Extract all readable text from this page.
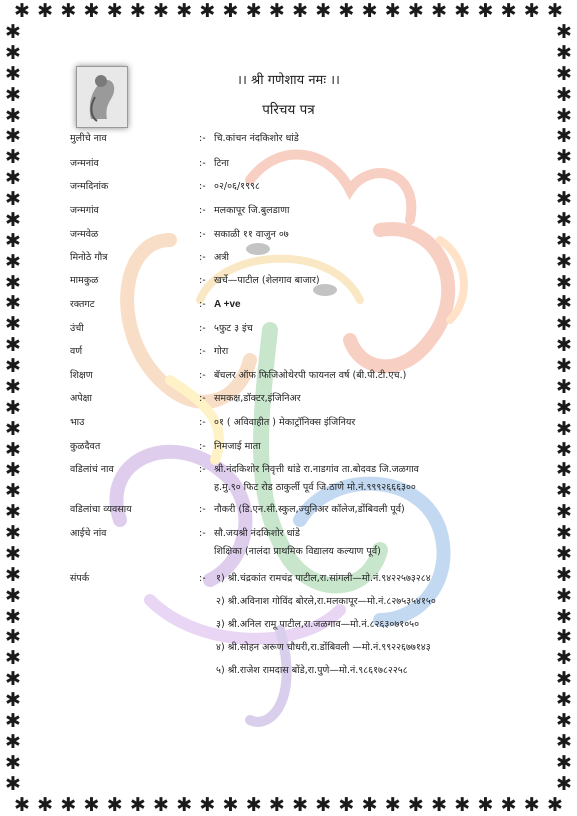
✱ ✱ ✱ ✱ ✱ ✱ ✱ ✱ ✱ ✱ ✱ ✱ ✱ ✱ ✱ ✱ ✱ ✱ ✱ ✱ ✱ ✱ ✱ ✱
✱ ✱ ✱ ✱ ✱ ✱ ✱ ✱ ✱ ✱ ✱ ✱ ✱ ✱ ✱ ✱ ✱ ✱ ✱ ✱ ✱ ✱ ✱ ✱
✱
✱
✱
✱
✱
✱
✱
✱
✱
✱
✱
✱
✱
✱
✱
✱
✱
✱
✱
✱
✱
✱
✱
✱
✱
✱
✱
✱
✱
✱
✱
✱
✱
✱
✱
✱
✱
✱
✱
✱
✱
✱
✱
✱
✱
✱
✱
✱
✱
✱
✱
✱
✱
✱
✱
✱
✱
✱
✱
✱
✱
✱
✱
✱
✱
✱
✱
✱
✱
✱
✱
✱
✱
✱
।। श्री गणेशाय नमः ।।
परिचय पत्र
मुलीचे नाव	:- चि.कांचन नंदकिशोर धांडे
जन्मनांव	:- टिना
जन्मदिनांक	:- ०२/०६/१९९८
जन्मगांव	:- मलकापूर जि.बुलडाणा
जन्मवेळ	:- सकाळी ११ वाजुन ०७
मिनोठे गौत्र	:- अत्री
मामकुळ	:- खर्चे—पाटील (शेलगाव बाजार)
रक्तगट	:- A +ve
उंची	:- ५फुट ३ इंच
वर्ण	:- गोरा
शिक्षण	:- बॅचलर ऑफ फिजिओथेरपी फायनल वर्ष (बी.पी.टी.एच.)
अपेक्षा	:- समकक्ष,डॉक्टर,इंजिनिअर
भाउ	:- ०१ ( अविवाहीत ) मेकाट्रॉनिक्स इंजिनियर
कुळदैवत	:- निमजाई माता
वडिलांचं नाव	:- श्री.नंदकिशोर निवृत्ती धांडे रा.नाडगांव ता.बोदवड जि.जळगाव
ह.मु.९० फिट रोड ठाकुर्ली पूर्व जि.ठाणे मो.नं.९९९२६६६३००
वडिलांचा व्यवसाय	:- नौकरी (डि.एन.सी.स्कुल,ज्युनिअर कॉलेज,डोंबिवली पूर्व)
आईचे नांव	:- सौ.जयश्री नंदकिशोर धांडे
शिक्षिका (नालंदा प्राथमिक विद्यालय कल्याण पूर्व)
संपर्क	:- १) श्री.चंद्रकांत रामचंद्र पाटील,रा.सांगली—मो.नं.९४२२५७३२८४
२) श्री.अविनाश गोविंद बोरले,रा.मलकापूर—मो.नं.८२७५३५४१५०
३) श्री.अनिल रामू पाटील,रा.जळगाव—मो.नं.८२६३०७१०५०
४) श्री.सोहन अरूण चौधरी,रा.डोंबिवली —मो.नं.९९२२६७७१४३
५) श्री.राजेश रामदास बोंडे,रा.पुणे—मो.नं.९८६१७८२२५८
